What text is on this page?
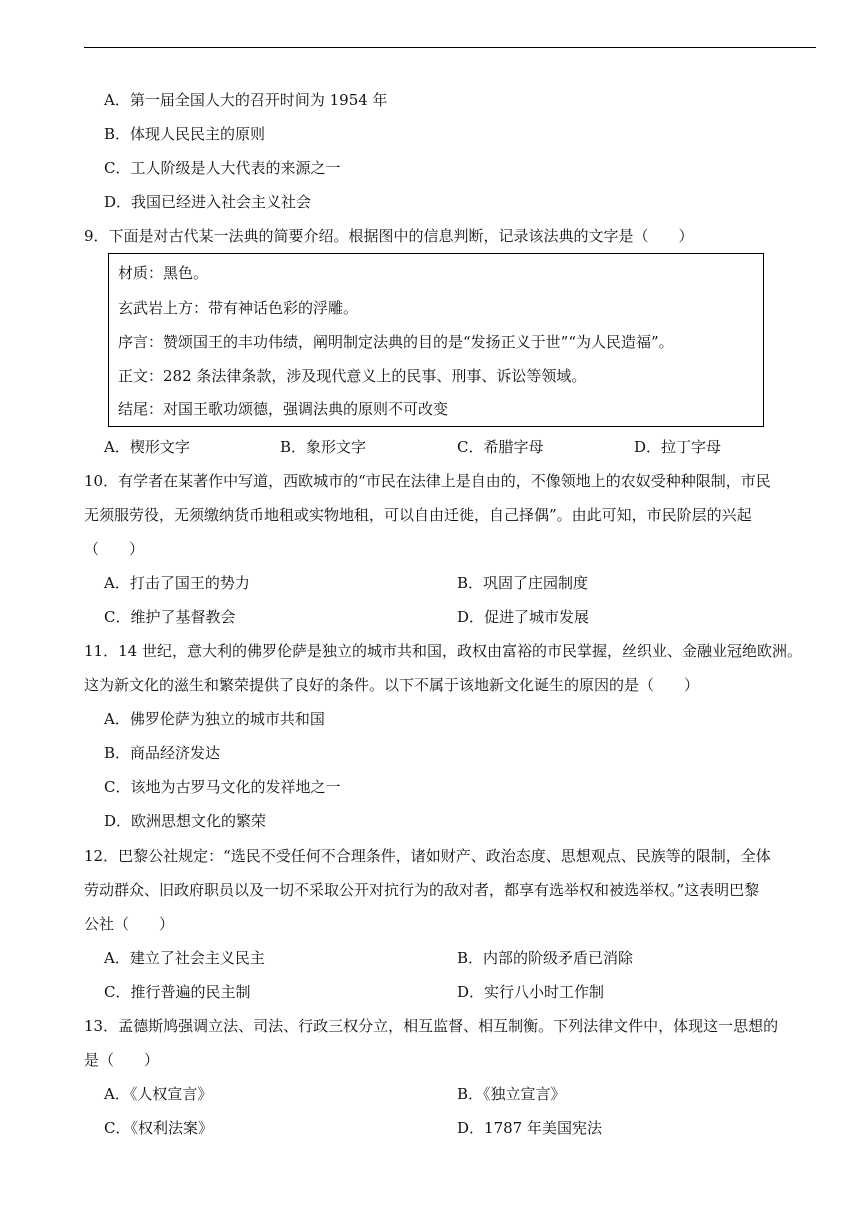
A．第一届全国人大的召开时间为 1954 年
B．体现人民民主的原则
C．工人阶级是人大代表的来源之一
D．我国已经进入社会主义社会
9．下面是对古代某一法典的简要介绍。根据图中的信息判断，记录该法典的文字是（　　）
材质：黑色。
玄武岩上方：带有神话色彩的浮雕。
序言：赞颂国王的丰功伟绩，阐明制定法典的目的是“发扬正义于世”“为人民造福”。
正文：282 条法律条款，涉及现代意义上的民事、刑事、诉讼等领域。
结尾：对国王歌功颂德，强调法典的原则不可改变
A．楔形文字	B．象形文字	C．希腊字母	D．拉丁字母
10．有学者在某著作中写道，西欧城市的“市民在法律上是自由的，不像领地上的农奴受种种限制，市民
无须服劳役，无须缴纳货币地租或实物地租，可以自由迁徙，自己择偶”。由此可知，市民阶层的兴起
（　　）
A．打击了国王的势力	B．巩固了庄园制度
C．维护了基督教会	D．促进了城市发展
11．14 世纪，意大利的佛罗伦萨是独立的城市共和国，政权由富裕的市民掌握，丝织业、金融业冠绝欧洲。
这为新文化的滋生和繁荣提供了良好的条件。以下不属于该地新文化诞生的原因的是（　　）
A．佛罗伦萨为独立的城市共和国
B．商品经济发达
C．该地为古罗马文化的发祥地之一
D．欧洲思想文化的繁荣
12．巴黎公社规定：“选民不受任何不合理条件，诸如财产、政治态度、思想观点、民族等的限制，全体
劳动群众、旧政府职员以及一切不采取公开对抗行为的敌对者，都享有选举权和被选举权。”这表明巴黎
公社（　　）
A．建立了社会主义民主	B．内部的阶级矛盾已消除
C．推行普遍的民主制	D．实行八小时工作制
13．孟德斯鸠强调立法、司法、行政三权分立，相互监督、相互制衡。下列法律文件中，体现这一思想的
是（　　）
A．《人权宣言》	B．《独立宣言》
C．《权利法案》	D．1787 年美国宪法
